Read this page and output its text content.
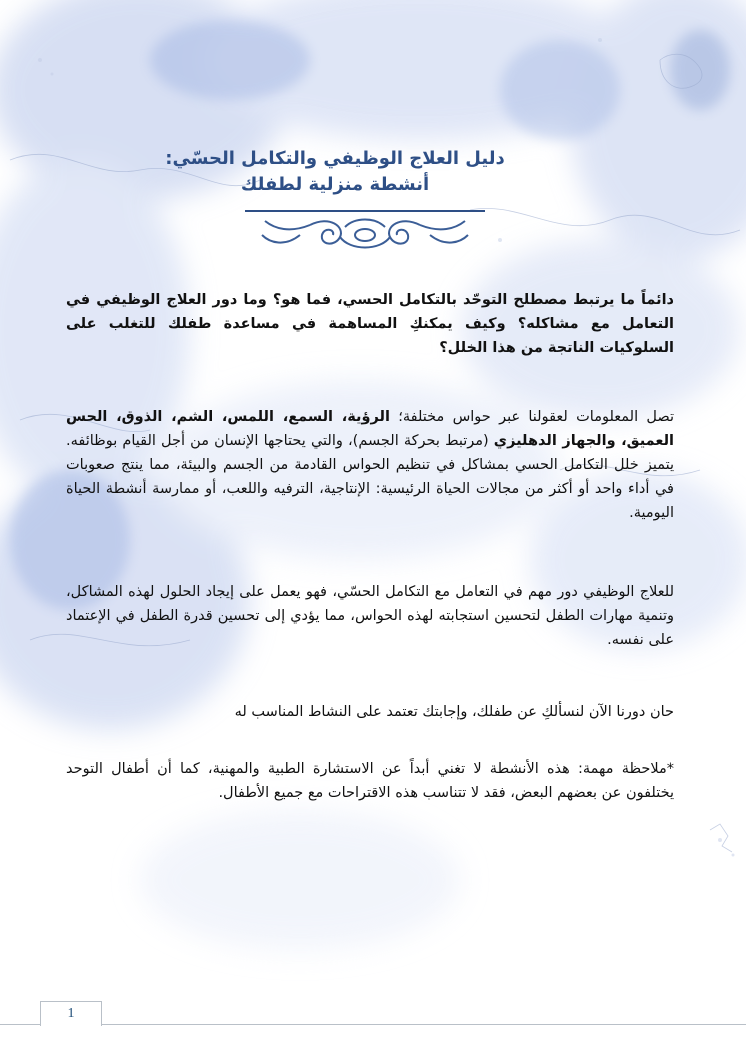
دليل العلاج الوظيفي والتكامل الحسّي:
أنشطة منزلية لطفلك
دائماً ما يرتبط مصطلح التوحّد بالتكامل الحسي، فما هو؟ وما دور العلاج الوظيفي في التعامل مع مشاكله؟ وكيف يمكنكِ المساهمة في مساعدة طفلك للتغلب على السلوكيات الناتجة من هذا الخلل؟
تصل المعلومات لعقولنا عبر حواس مختلفة؛ الرؤية، السمع، اللمس، الشم، الذوق، الحس العميق، والجهاز الدهليزي (مرتبط بحركة الجسم)، والتي يحتاجها الإنسان من أجل القيام بوظائفه. يتميز خلل التكامل الحسي بمشاكل في تنظيم الحواس القادمة من الجسم والبيئة، مما ينتج صعوبات في أداء واحد أو أكثر من مجالات الحياة الرئيسية: الإنتاجية، الترفيه واللعب، أو ممارسة أنشطة الحياة اليومية.
للعلاج الوظيفي دور مهم في التعامل مع التكامل الحسّي، فهو يعمل على إيجاد الحلول لهذه المشاكل، وتنمية مهارات الطفل لتحسين استجابته لهذه الحواس، مما يؤدي إلى تحسين قدرة الطفل في الإعتماد على نفسه.
حان دورنا الآن لنسألكِ عن طفلك، وإجابتك تعتمد على النشاط المناسب له
*ملاحظة مهمة: هذه الأنشطة لا تغني أبداً عن الاستشارة الطبية والمهنية، كما أن أطفال التوحد يختلفون عن بعضهم البعض، فقد لا تتناسب هذه الاقتراحات مع جميع الأطفال.
1
